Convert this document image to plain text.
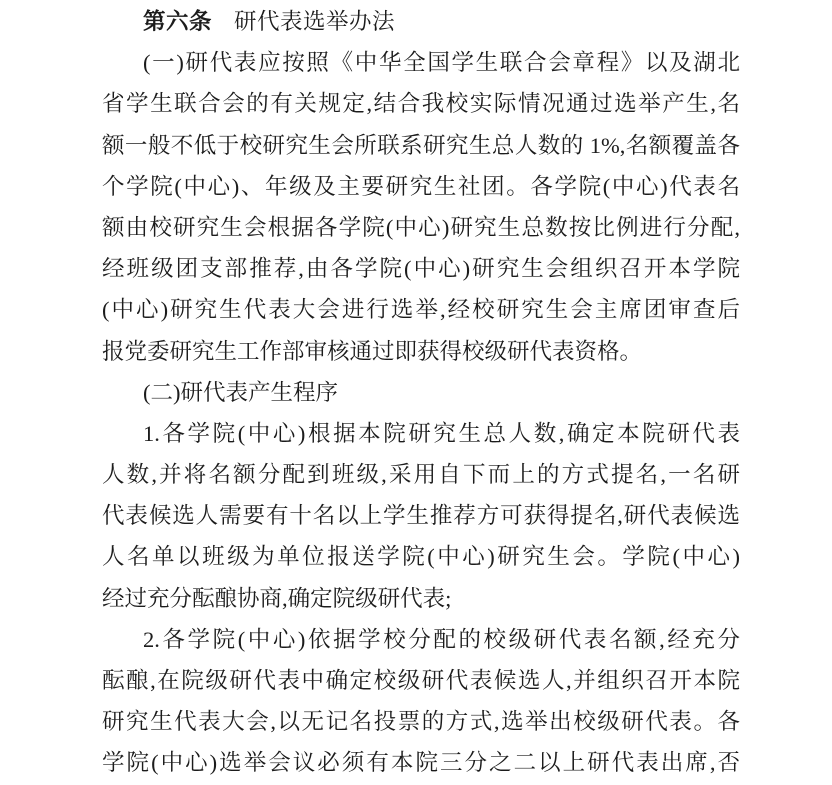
第六条 研代表选举办法
(一)研代表应按照《中华全国学生联合会章程》以及湖北
省学生联合会的有关规定,结合我校实际情况通过选举产生,名
额一般不低于校研究生会所联系研究生总人数的 1%,名额覆盖各
个学院(中心)、年级及主要研究生社团。各学院(中心)代表名
额由校研究生会根据各学院(中心)研究生总数按比例进行分配,
经班级团支部推荐,由各学院(中心)研究生会组织召开本学院
(中心)研究生代表大会进行选举,经校研究生会主席团审查后
报党委研究生工作部审核通过即获得校级研代表资格。
(二)研代表产生程序
1.各学院(中心)根据本院研究生总人数,确定本院研代表
人数,并将名额分配到班级,采用自下而上的方式提名,一名研
代表候选人需要有十名以上学生推荐方可获得提名,研代表候选
人名单以班级为单位报送学院(中心)研究生会。学院(中心)
经过充分酝酿协商,确定院级研代表;
2.各学院(中心)依据学校分配的校级研代表名额,经充分
酝酿,在院级研代表中确定校级研代表候选人,并组织召开本院
研究生代表大会,以无记名投票的方式,选举出校级研代表。各
学院(中心)选举会议必须有本院三分之二以上研代表出席,否
